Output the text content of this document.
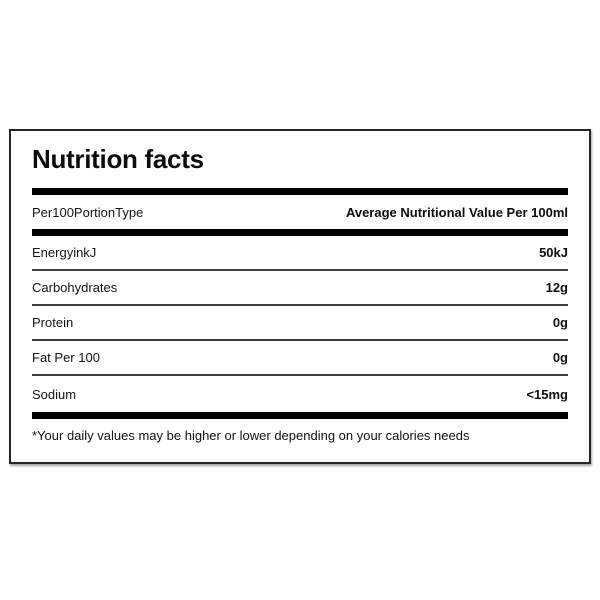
Nutrition facts
Per100PortionType	Average Nutritional Value Per 100ml
EnergyinkJ	50kJ
Carbohydrates	12g
Protein	0g
Fat Per 100	0g
Sodium	<15mg
*Your daily values may be higher or lower depending on your calories needs
